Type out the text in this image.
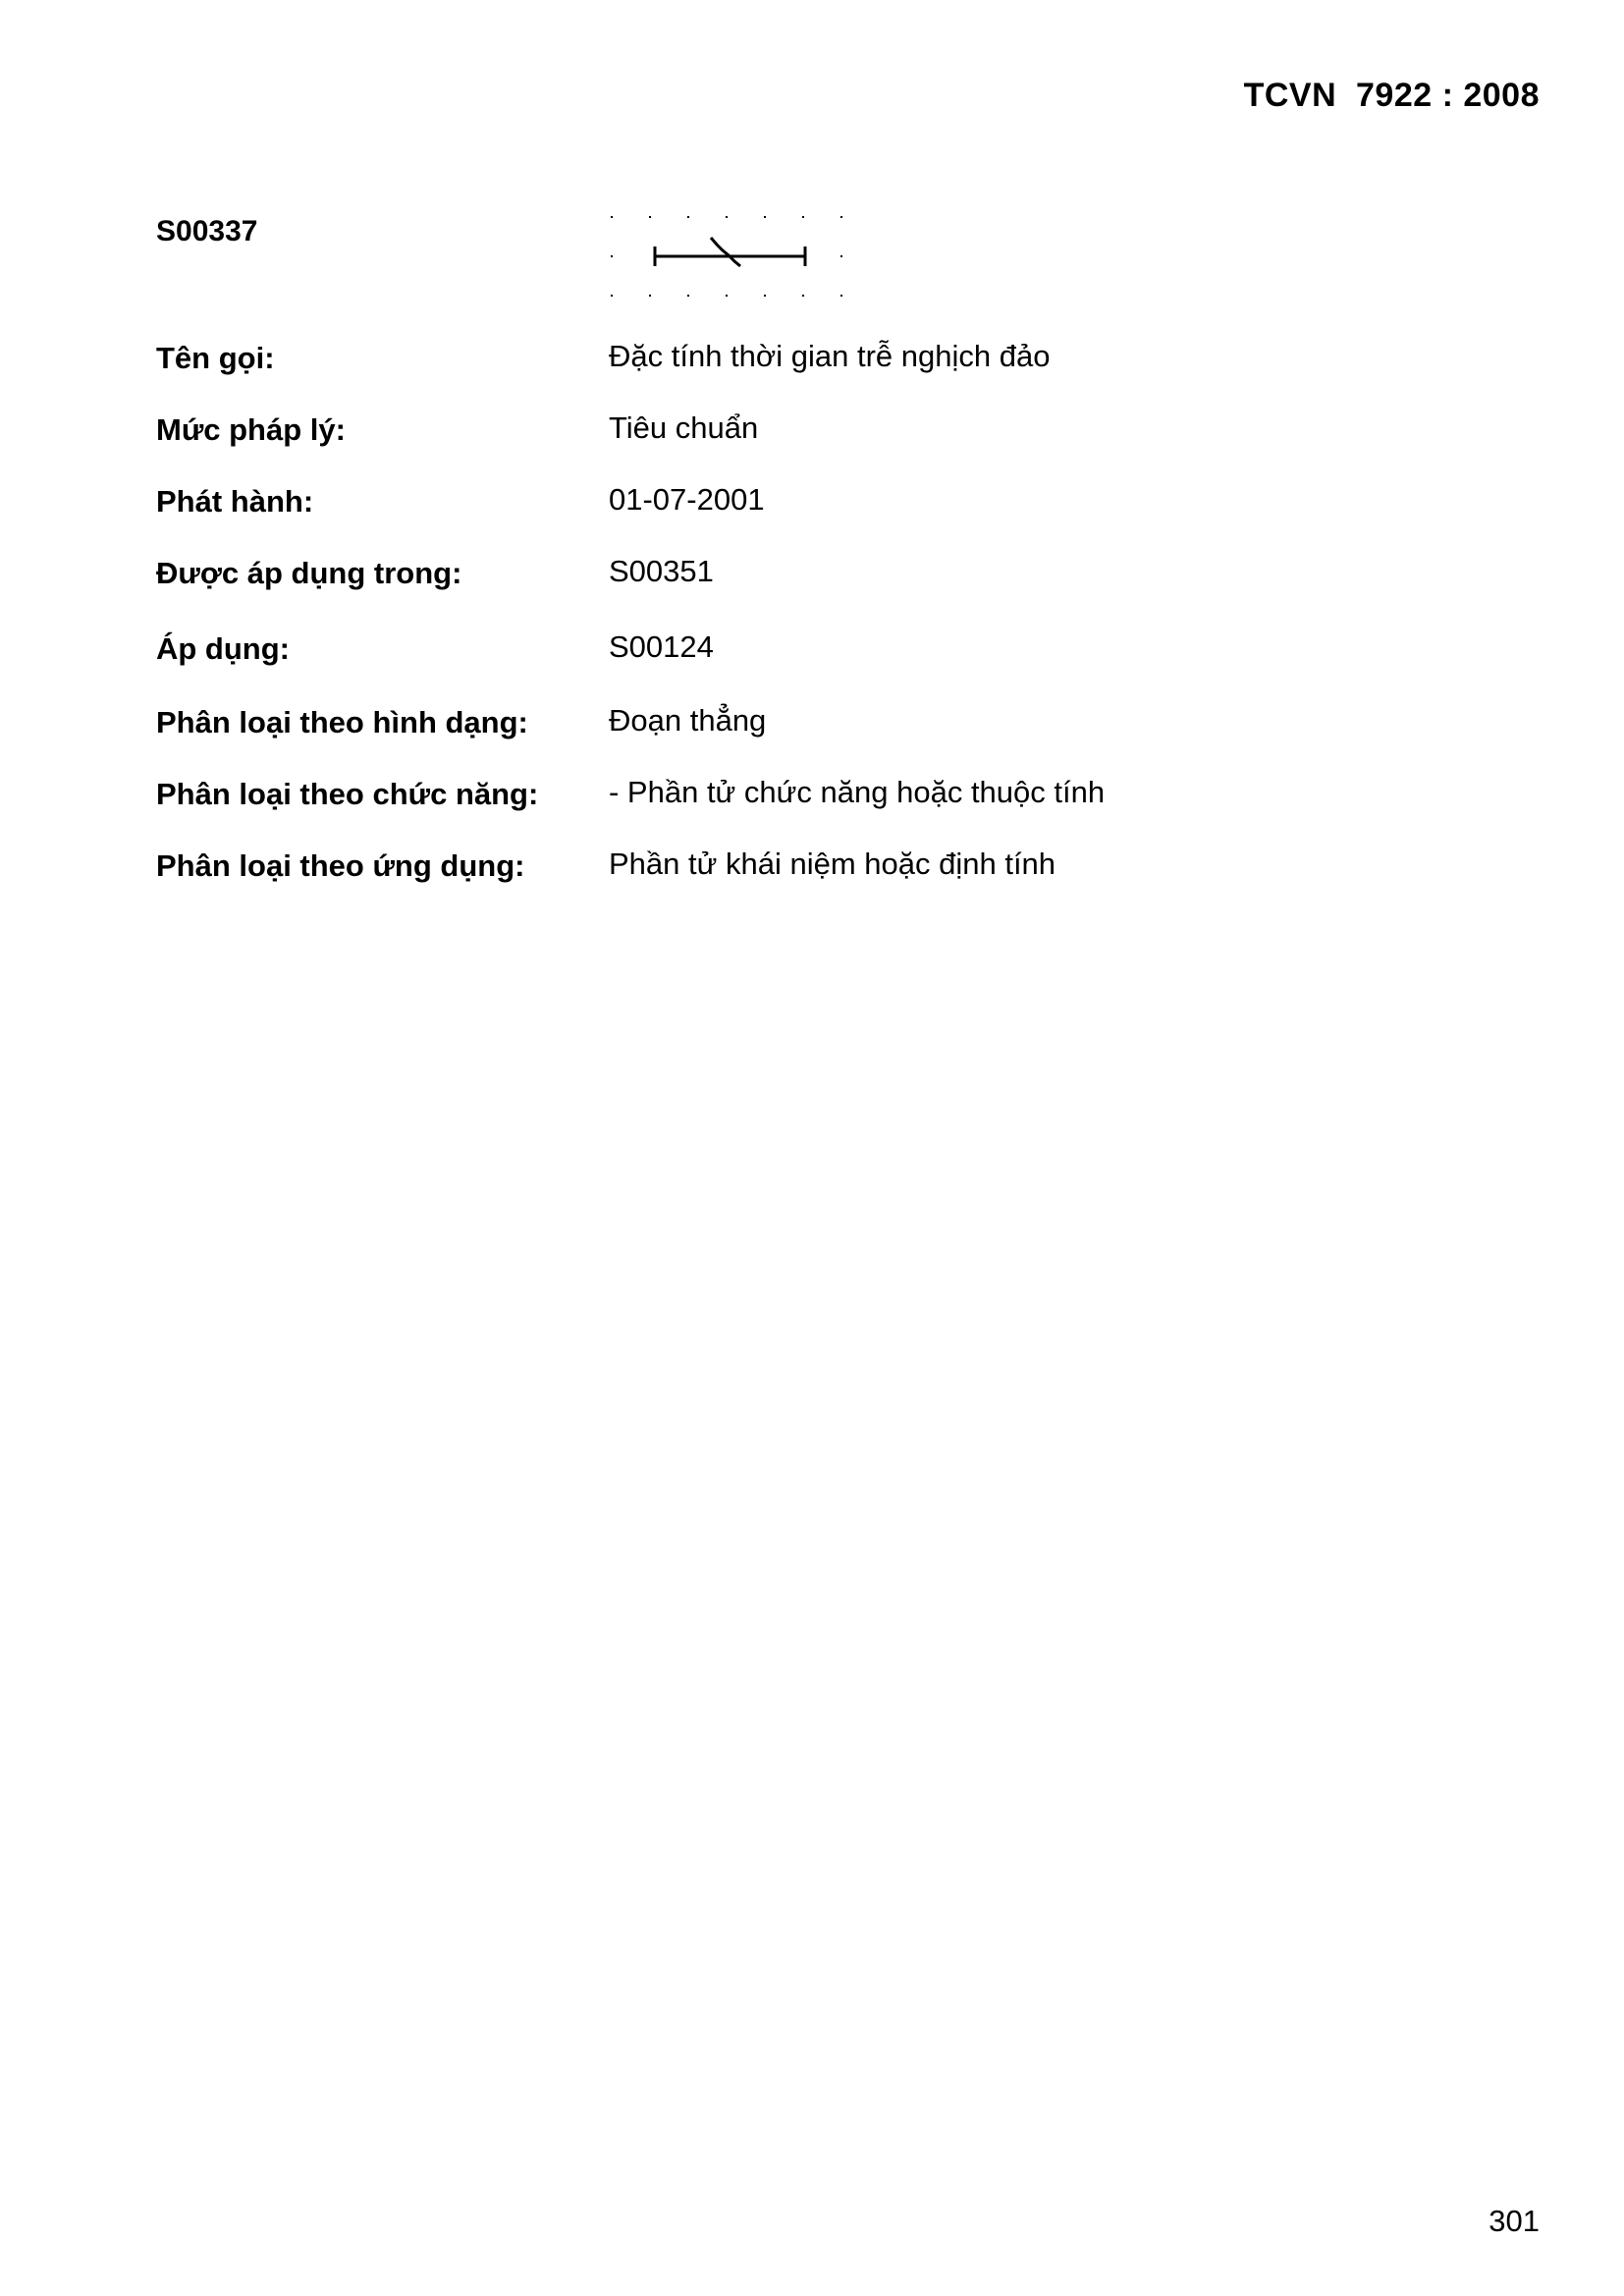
TCVN  7922 : 2008
S00337
Tên gọi:	Đặc tính thời gian trễ nghịch đảo
Mức pháp lý:	Tiêu chuẩn
Phát hành:	01-07-2001
Được áp dụng trong:	S00351
Áp dụng:	S00124
Phân loại theo hình dạng:	Đoạn thẳng
Phân loại theo chức năng: - Phần tử chức năng hoặc thuộc tính
Phân loại theo ứng dụng:	Phần tử khái niệm hoặc định tính
301
